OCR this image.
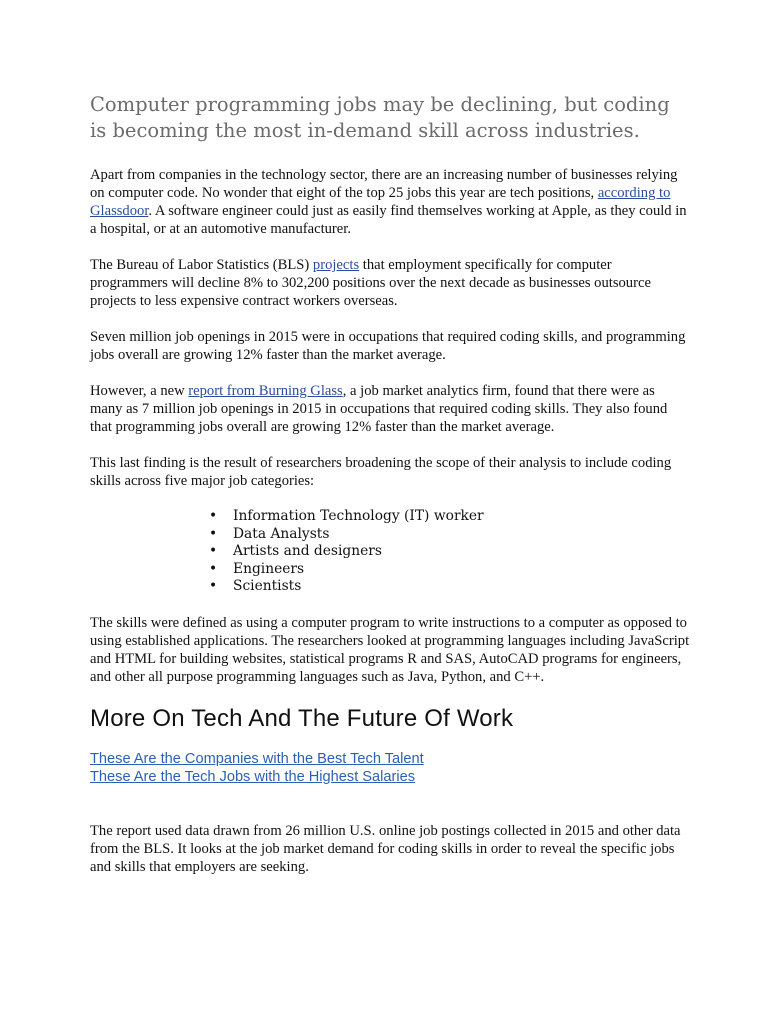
Computer programming jobs may be declining, but coding is becoming the most in-demand skill across industries.

Apart from companies in the technology sector, there are an increasing number of businesses relying on computer code. No wonder that eight of the top 25 jobs this year are tech positions, according to Glassdoor. A software engineer could just as easily find themselves working at Apple, as they could in a hospital, or at an automotive manufacturer.

The Bureau of Labor Statistics (BLS) projects that employment specifically for computer programmers will decline 8% to 302,200 positions over the next decade as businesses outsource projects to less expensive contract workers overseas.

Seven million job openings in 2015 were in occupations that required coding skills, and programming jobs overall are growing 12% faster than the market average.

However, a new report from Burning Glass, a job market analytics firm, found that there were as many as 7 million job openings in 2015 in occupations that required coding skills. They also found that programming jobs overall are growing 12% faster than the market average.

This last finding is the result of researchers broadening the scope of their analysis to include coding skills across five major job categories:

• Information Technology (IT) worker
• Data Analysts
• Artists and designers
• Engineers
• Scientists

The skills were defined as using a computer program to write instructions to a computer as opposed to using established applications. The researchers looked at programming languages including JavaScript and HTML for building websites, statistical programs R and SAS, AutoCAD programs for engineers, and other all purpose programming languages such as Java, Python, and C++.

More On Tech And The Future Of Work
These Are the Companies with the Best Tech Talent
These Are the Tech Jobs with the Highest Salaries

The report used data drawn from 26 million U.S. online job postings collected in 2015 and other data from the BLS. It looks at the job market demand for coding skills in order to reveal the specific jobs and skills that employers are seeking.
